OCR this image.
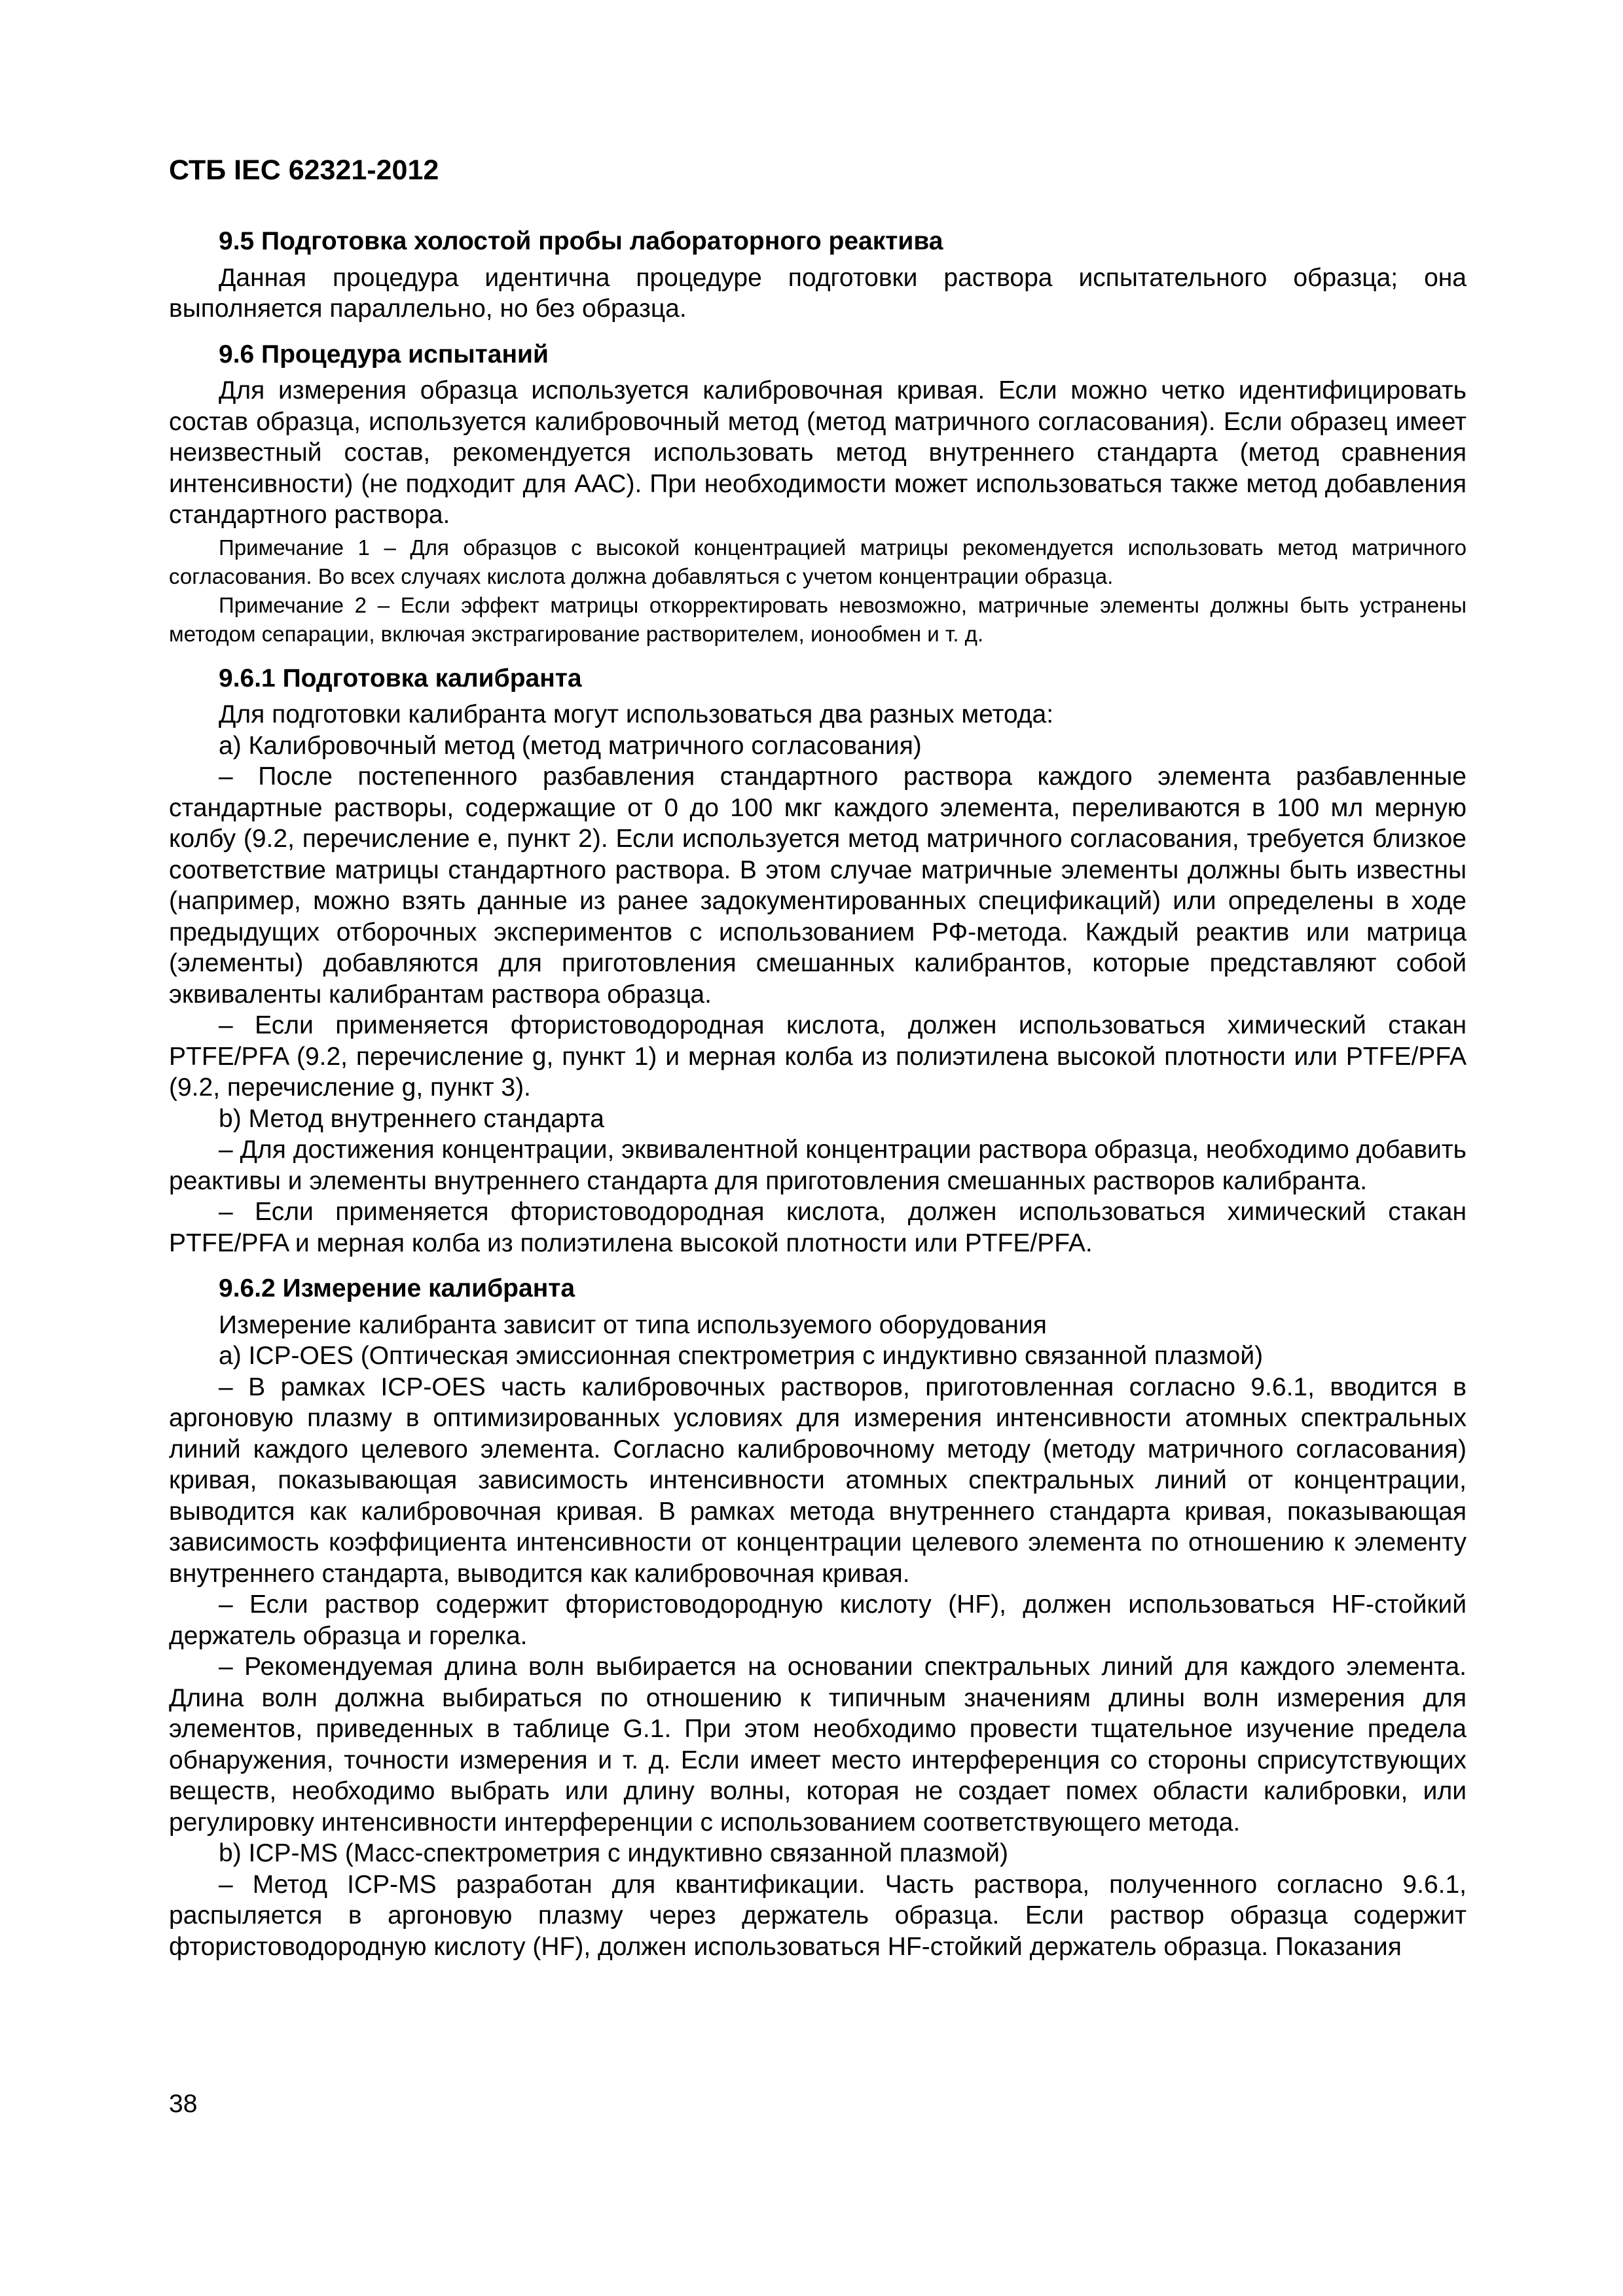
СТБ IEC 62321-2012
9.5 Подготовка холостой пробы лабораторного реактива

Данная процедура идентична процедуре подготовки раствора испытательного образца; она выполняется параллельно, но без образца.

9.6 Процедура испытаний

Для измерения образца используется калибровочная кривая. Если можно четко идентифицировать состав образца, используется калибровочный метод (метод матричного согласования). Если образец имеет неизвестный состав, рекомендуется использовать метод внутреннего стандарта (метод сравнения интенсивности) (не подходит для ААС). При необходимости может использоваться также метод добавления стандартного раствора.

Примечание 1 – Для образцов с высокой концентрацией матрицы рекомендуется использовать метод матричного согласования. Во всех случаях кислота должна добавляться с учетом концентрации образца.

Примечание 2 – Если эффект матрицы откорректировать невозможно, матричные элементы должны быть устранены методом сепарации, включая экстрагирование растворителем, ионообмен и т. д.

9.6.1 Подготовка калибранта

Для подготовки калибранта могут использоваться два разных метода:

а) Калибровочный метод (метод матричного согласования)

– После постепенного разбавления стандартного раствора каждого элемента разбавленные стандартные растворы, содержащие от 0 до 100 мкг каждого элемента, переливаются в 100 мл мерную колбу (9.2, перечисление е, пункт 2). Если используется метод матричного согласования, требуется близкое соответствие матрицы стандартного раствора. В этом случае матричные элементы должны быть известны (например, можно взять данные из ранее задокументированных спецификаций) или определены в ходе предыдущих отборочных экспериментов с использованием РФ-метода. Каждый реактив или матрица (элементы) добавляются для приготовления смешанных калибрантов, которые представляют собой эквиваленты калибрантам раствора образца.

– Если применяется фтористоводородная кислота, должен использоваться химический стакан PTFE/PFA (9.2, перечисление g, пункт 1) и мерная колба из полиэтилена высокой плотности или PTFE/PFA (9.2, перечисление g, пункт 3).

b) Метод внутреннего стандарта

– Для достижения концентрации, эквивалентной концентрации раствора образца, необходимо добавить реактивы и элементы внутреннего стандарта для приготовления смешанных растворов калибранта.

– Если применяется фтористоводородная кислота, должен использоваться химический стакан PTFE/PFA и мерная колба из полиэтилена высокой плотности или PTFE/PFA.

9.6.2 Измерение калибранта

Измерение калибранта зависит от типа используемого оборудования

а) ICP-OES (Оптическая эмиссионная спектрометрия с индуктивно связанной плазмой)

– В рамках ICP-OES часть калибровочных растворов, приготовленная согласно 9.6.1, вводится в аргоновую плазму в оптимизированных условиях для измерения интенсивности атомных спектральных линий каждого целевого элемента. Согласно калибровочному методу (методу матричного согласования) кривая, показывающая зависимость интенсивности атомных спектральных линий от концентрации, выводится как калибровочная кривая. В рамках метода внутреннего стандарта кривая, показывающая зависимость коэффициента интенсивности от концентрации целевого элемента по отношению к элементу внутреннего стандарта, выводится как калибровочная кривая.

– Если раствор содержит фтористоводородную кислоту (HF), должен использоваться HF-стойкий держатель образца и горелка.

– Рекомендуемая длина волн выбирается на основании спектральных линий для каждого элемента. Длина волн должна выбираться по отношению к типичным значениям длины волн измерения для элементов, приведенных в таблице G.1. При этом необходимо провести тщательное изучение предела обнаружения, точности измерения и т. д. Если имеет место интерференция со стороны сприсутствующих веществ, необходимо выбрать или длину волны, которая не создает помех области калибровки, или регулировку интенсивности интерференции с использованием соответствующего метода.

b) ICP-MS (Масс-спектрометрия с индуктивно связанной плазмой)

– Метод ICP-MS разработан для квантификации. Часть раствора, полученного согласно 9.6.1, распыляется в аргоновую плазму через держатель образца. Если раствор образца содержит фтористоводородную кислоту (HF), должен использоваться HF-стойкий держатель образца. Показания

38
